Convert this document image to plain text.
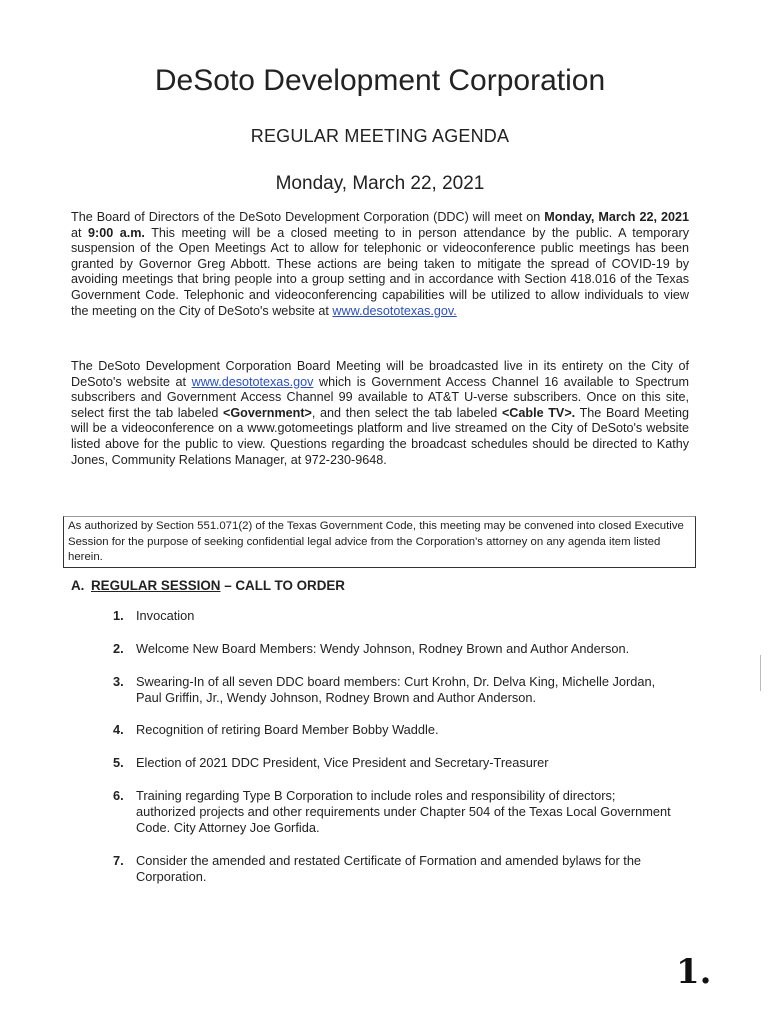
DeSoto Development Corporation
REGULAR MEETING AGENDA
Monday, March 22, 2021
The Board of Directors of the DeSoto Development Corporation (DDC) will meet on Monday, March 22, 2021 at 9:00 a.m. This meeting will be a closed meeting to in person attendance by the public. A temporary suspension of the Open Meetings Act to allow for telephonic or videoconference public meetings has been granted by Governor Greg Abbott. These actions are being taken to mitigate the spread of COVID-19 by avoiding meetings that bring people into a group setting and in accordance with Section 418.016 of the Texas Government Code. Telephonic and videoconferencing capabilities will be utilized to allow individuals to view the meeting on the City of DeSoto's website at www.desototexas.gov.
The DeSoto Development Corporation Board Meeting will be broadcasted live in its entirety on the City of DeSoto's website at www.desototexas.gov which is Government Access Channel 16 available to Spectrum subscribers and Government Access Channel 99 available to AT&T U-verse subscribers. Once on this site, select first the tab labeled <Government>, and then select the tab labeled <Cable TV>. The Board Meeting will be a videoconference on a www.gotomeetings platform and live streamed on the City of DeSoto's website listed above for the public to view. Questions regarding the broadcast schedules should be directed to Kathy Jones, Community Relations Manager, at 972-230-9648.
As authorized by Section 551.071(2) of the Texas Government Code, this meeting may be convened into closed Executive Session for the purpose of seeking confidential legal advice from the Corporation's attorney on any agenda item listed herein.
A. REGULAR SESSION – CALL TO ORDER
1. Invocation
2. Welcome New Board Members: Wendy Johnson, Rodney Brown and Author Anderson.
3. Swearing-In of all seven DDC board members: Curt Krohn, Dr. Delva King, Michelle Jordan, Paul Griffin, Jr., Wendy Johnson, Rodney Brown and Author Anderson.
4. Recognition of retiring Board Member Bobby Waddle.
5. Election of 2021 DDC President, Vice President and Secretary-Treasurer
6. Training regarding Type B Corporation to include roles and responsibility of directors; authorized projects and other requirements under Chapter 504 of the Texas Local Government Code. City Attorney Joe Gorfida.
7. Consider the amended and restated Certificate of Formation and amended bylaws for the Corporation.
1.
